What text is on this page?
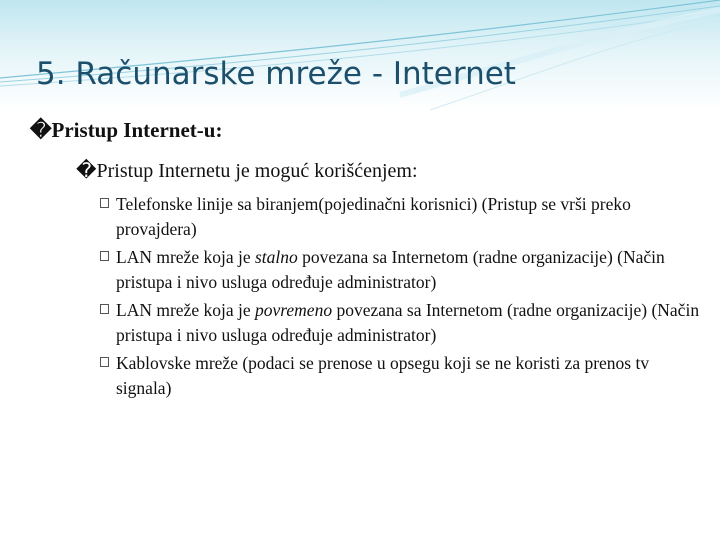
5. Računarske mreže - Internet
�Pristup Internet-u:
�Pristup Internetu je moguć korišćenjem:
Telefonske linije sa biranjem(pojedinačni korisnici) (Pristup se vrši preko provajdera)
LAN mreže koja je stalno povezana sa Internetom (radne organizacije) (Način pristupa i nivo usluga određuje administrator)
LAN mreže koja je povremeno povezana sa Internetom (radne organizacije) (Način pristupa i nivo usluga određuje administrator)
Kablovske mreže (podaci se prenose u opsegu koji se ne koristi za prenos tv signala)
